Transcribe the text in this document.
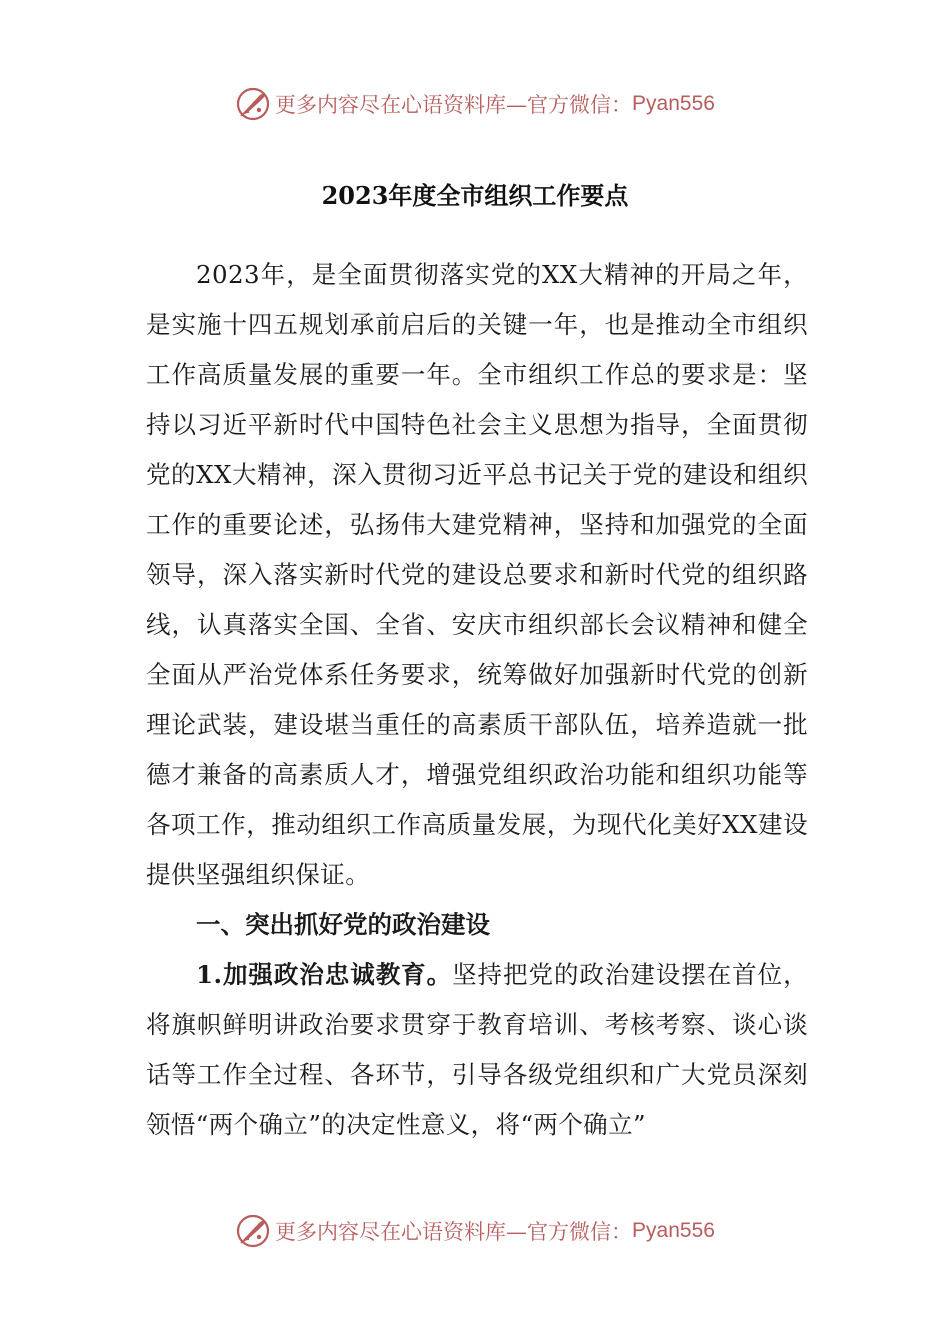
更多内容尽在心语资料库—官方微信： Pyan556
2023年度全市组织工作要点

2023年，是全面贯彻落实党的XX大精神的开局之年，是实施十四五规划承前启后的关键一年，也是推动全市组织工作高质量发展的重要一年。全市组织工作总的要求是：坚持以习近平新时代中国特色社会主义思想为指导，全面贯彻党的XX大精神，深入贯彻习近平总书记关于党的建设和组织工作的重要论述，弘扬伟大建党精神，坚持和加强党的全面领导，深入落实新时代党的建设总要求和新时代党的组织路线，认真落实全国、全省、安庆市组织部长会议精神和健全全面从严治党体系任务要求，统筹做好加强新时代党的创新理论武装，建设堪当重任的高素质干部队伍，培养造就一批德才兼备的高素质人才，增强党组织政治功能和组织功能等各项工作，推动组织工作高质量发展，为现代化美好XX建设提供坚强组织保证。

一、突出抓好党的政治建设

1.加强政治忠诚教育。坚持把党的政治建设摆在首位，将旗帜鲜明讲政治要求贯穿于教育培训、考核考察、谈心谈话等工作全过程、各环节，引导各级党组织和广大党员深刻领悟“两个确立”的决定性意义，将“两个确立”

更多内容尽在心语资料库—官方微信： Pyan556
